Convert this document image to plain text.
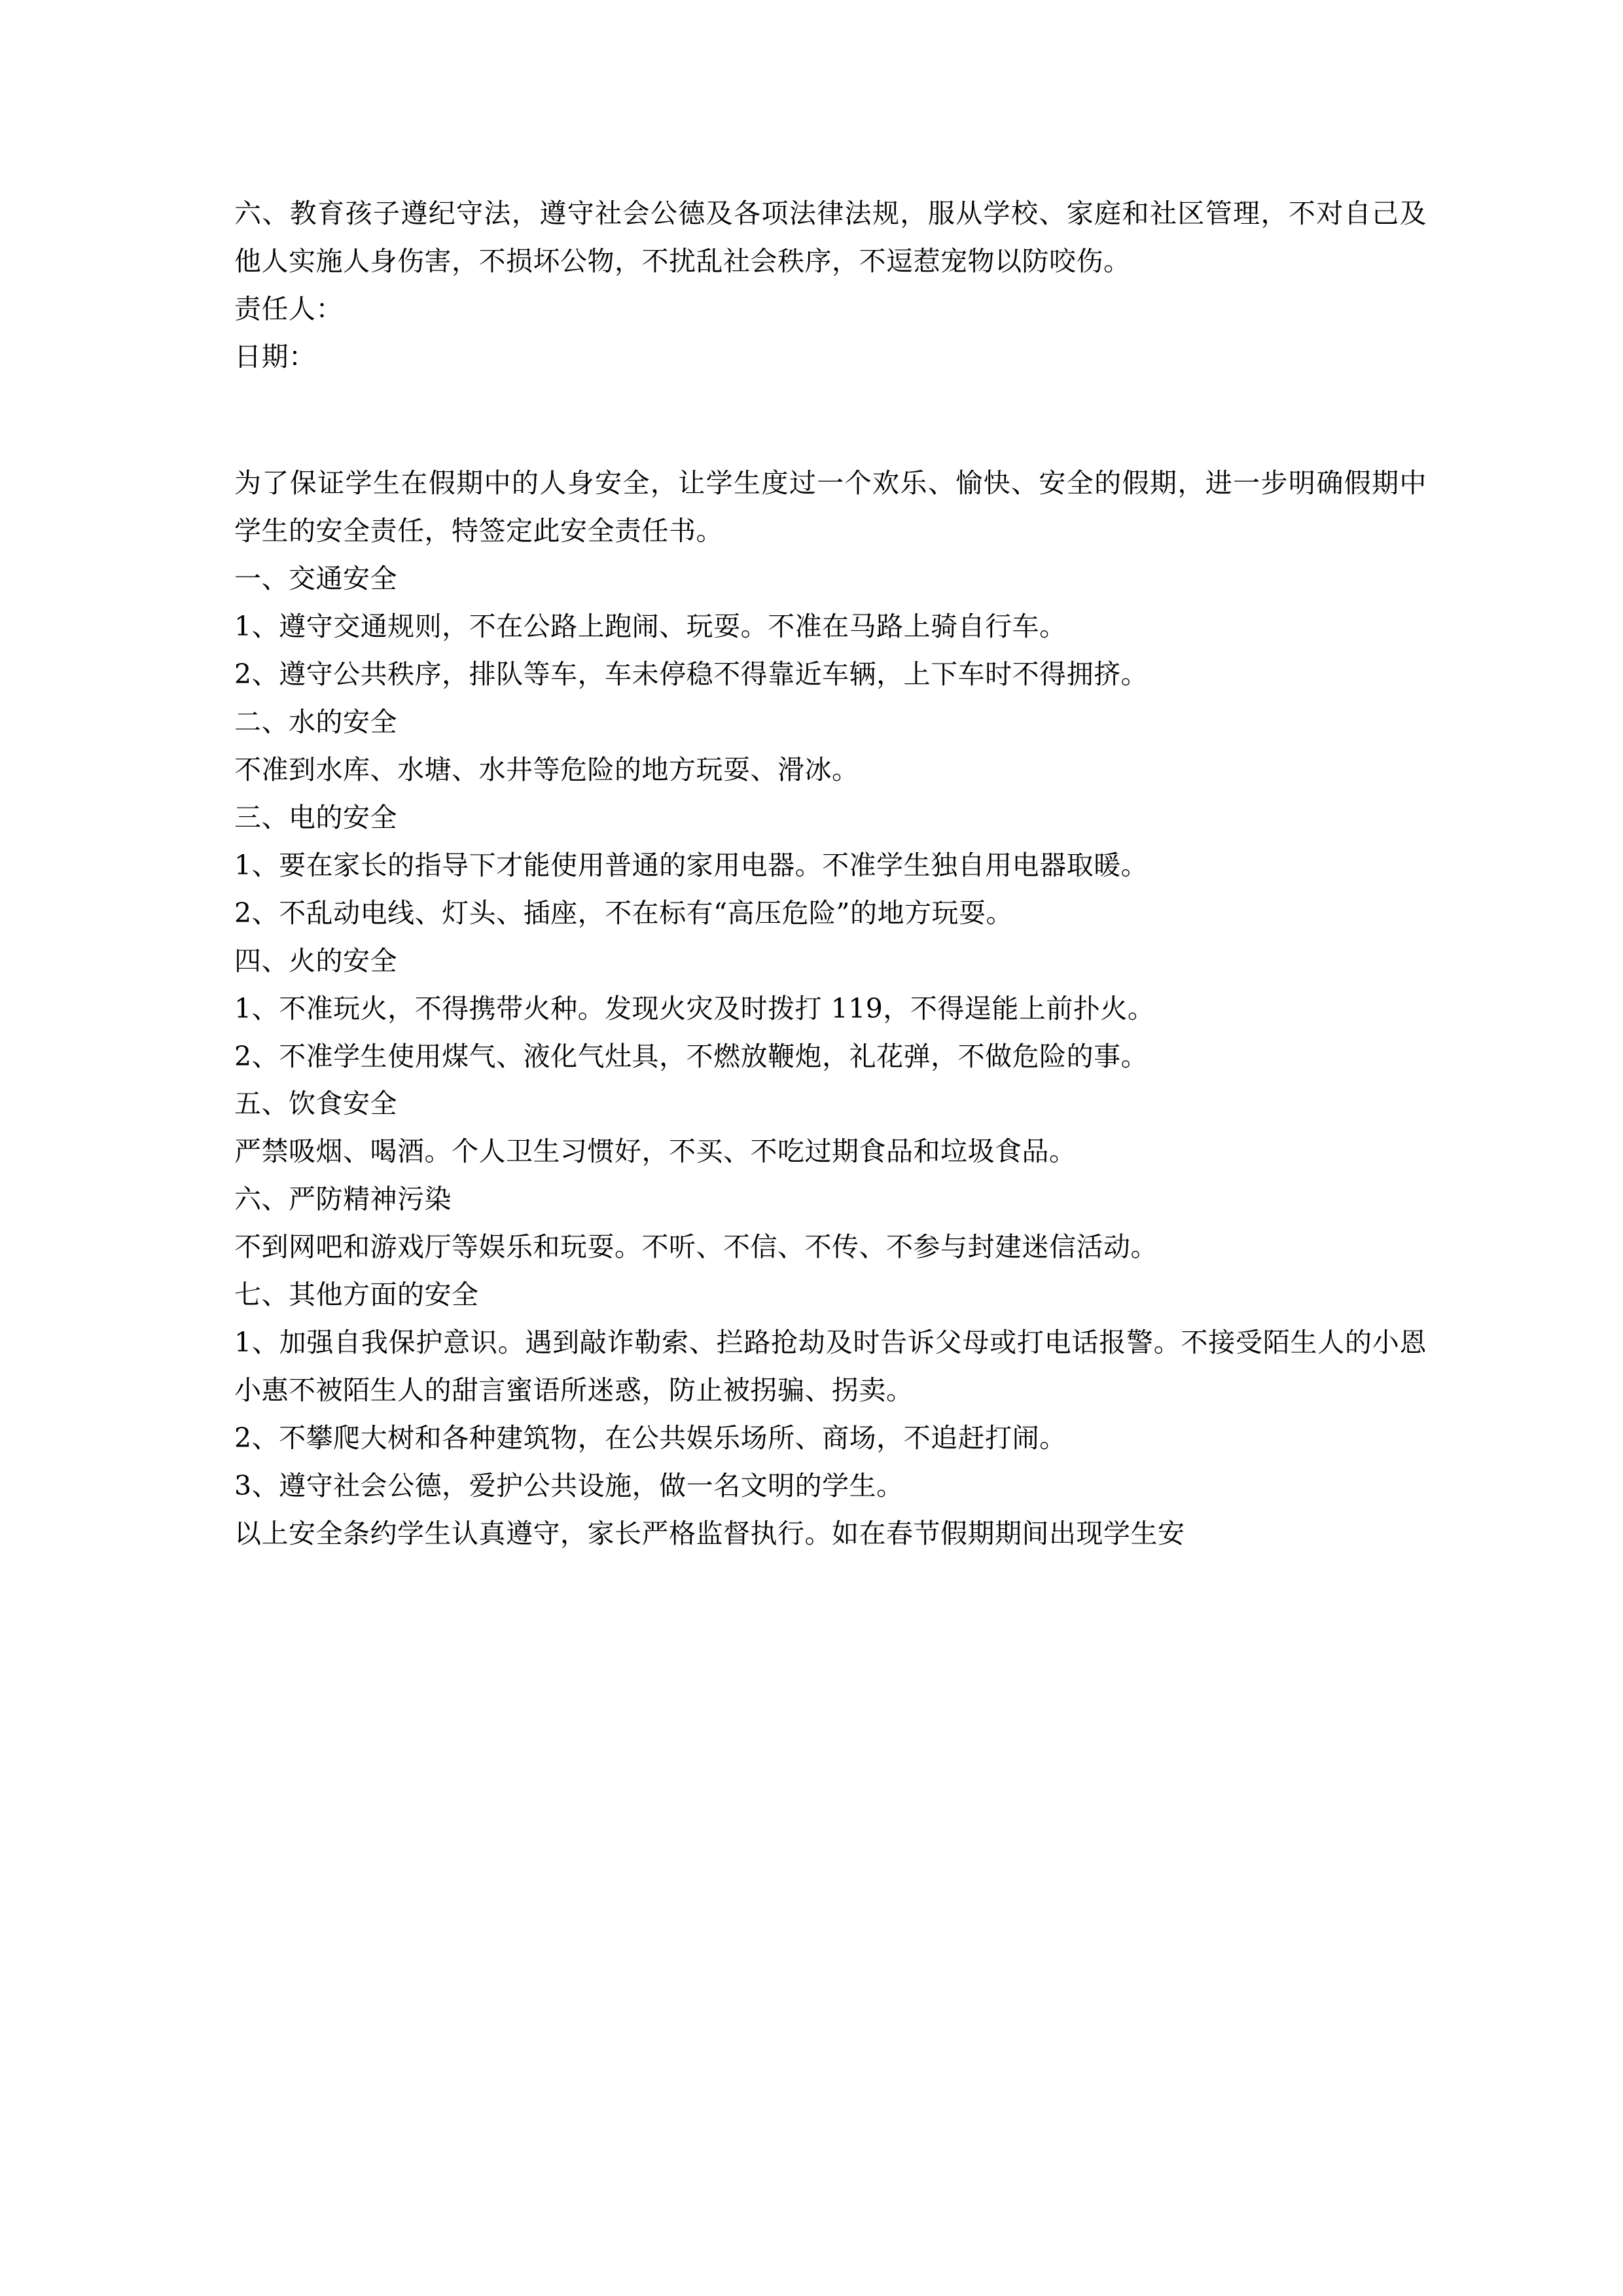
六、教育孩子遵纪守法，遵守社会公德及各项法律法规，服从学校、家庭和社区管理，不对自己及他人实施人身伤害，不损坏公物，不扰乱社会秩序，不逗惹宠物以防咬伤。

责任人：

日期：

为了保证学生在假期中的人身安全，让学生度过一个欢乐、愉快、安全的假期，进一步明确假期中学生的安全责任，特签定此安全责任书。

一、交通安全

1、遵守交通规则，不在公路上跑闹、玩耍。不准在马路上骑自行车。

2、遵守公共秩序，排队等车，车未停稳不得靠近车辆，上下车时不得拥挤。

二、水的安全

不准到水库、水塘、水井等危险的地方玩耍、滑冰。

三、电的安全

1、要在家长的指导下才能使用普通的家用电器。不准学生独自用电器取暖。

2、不乱动电线、灯头、插座，不在标有“高压危险”的地方玩耍。

四、火的安全

1、不准玩火，不得携带火种。发现火灾及时拨打 119，不得逞能上前扑火。

2、不准学生使用煤气、液化气灶具，不燃放鞭炮，礼花弹，不做危险的事。

五、饮食安全

严禁吸烟、喝酒。个人卫生习惯好，不买、不吃过期食品和垃圾食品。

六、严防精神污染

不到网吧和游戏厅等娱乐和玩耍。不听、不信、不传、不参与封建迷信活动。

七、其他方面的安全

1、加强自我保护意识。遇到敲诈勒索、拦路抢劫及时告诉父母或打电话报警。不接受陌生人的小恩小惠不被陌生人的甜言蜜语所迷惑，防止被拐骗、拐卖。

2、不攀爬大树和各种建筑物，在公共娱乐场所、商场，不追赶打闹。

3、遵守社会公德，爱护公共设施，做一名文明的学生。

以上安全条约学生认真遵守，家长严格监督执行。如在春节假期期间出现学生安
